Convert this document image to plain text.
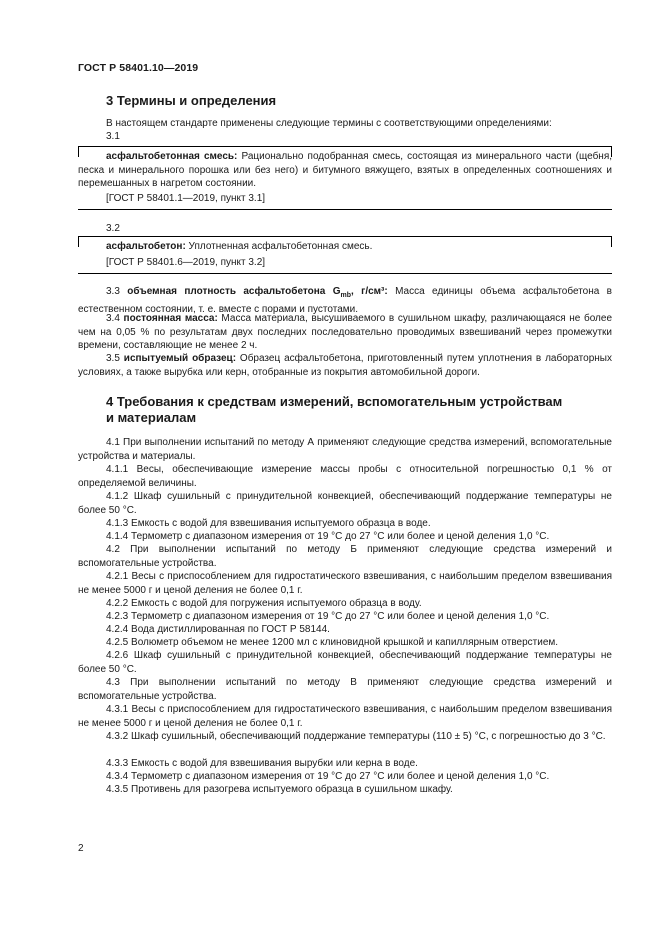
ГОСТ Р 58401.10—2019
3 Термины и определения
В настоящем стандарте применены следующие термины с соответствующими определениями:
3.1
асфальтобетонная смесь: Рационально подобранная смесь, состоящая из минерального части (щебня, песка и минерального порошка или без него) и битумного вяжущего, взятых в определенных соотношениях и перемешанных в нагретом состоянии.
[ГОСТ Р 58401.1—2019, пункт 3.1]
3.2
асфальтобетон: Уплотненная асфальтобетонная смесь.
[ГОСТ Р 58401.6—2019, пункт 3.2]
3.3 объемная плотность асфальтобетона $G_{mb}$, г/см³: Масса единицы объема асфальтобетона в естественном состоянии, т. е. вместе с порами и пустотами.
3.4 постоянная масса: Масса материала, высушиваемого в сушильном шкафу, различающаяся не более чем на 0,05 % по результатам двух последних последовательно проводимых взвешиваний через промежутки времени, составляющие не менее 2 ч.
3.5 испытуемый образец: Образец асфальтобетона, приготовленный путем уплотнения в лабораторных условиях, а также вырубка или керн, отобранные из покрытия автомобильной дороги.
4 Требования к средствам измерений, вспомогательным устройствам
и материалам
4.1 При выполнении испытаний по методу А применяют следующие средства измерений, вспомогательные устройства и материалы.
4.1.1 Весы, обеспечивающие измерение массы пробы с относительной погрешностью 0,1 % от определяемой величины.
4.1.2 Шкаф сушильный с принудительной конвекцией, обеспечивающий поддержание температуры не более 50 °С.
4.1.3 Емкость с водой для взвешивания испытуемого образца в воде.
4.1.4 Термометр с диапазоном измерения от 19 °С до 27 °С или более и ценой деления 1,0 °С.
4.2 При выполнении испытаний по методу Б применяют следующие средства измерений и вспомогательные устройства.
4.2.1 Весы с приспособлением для гидростатического взвешивания, с наибольшим пределом взвешивания не менее 5000 г и ценой деления не более 0,1 г.
4.2.2 Емкость с водой для погружения испытуемого образца в воду.
4.2.3 Термометр с диапазоном измерения от 19 °С до 27 °С или более и ценой деления 1,0 °С.
4.2.4 Вода дистиллированная по ГОСТ Р 58144.
4.2.5 Волюметр объемом не менее 1200 мл с клиновидной крышкой и капиллярным отверстием.
4.2.6 Шкаф сушильный с принудительной конвекцией, обеспечивающий поддержание температуры не более 50 °С.
4.3 При выполнении испытаний по методу В применяют следующие средства измерений и вспомогательные устройства.
4.3.1 Весы с приспособлением для гидростатического взвешивания, с наибольшим пределом взвешивания не менее 5000 г и ценой деления не более 0,1 г.
4.3.2 Шкаф сушильный, обеспечивающий поддержание температуры (110 ± 5) °С, с погрешностью до 3 °С.
4.3.3 Емкость с водой для взвешивания вырубки или керна в воде.
4.3.4 Термометр с диапазоном измерения от 19 °С до 27 °С или более и ценой деления 1,0 °С.
4.3.5 Противень для разогрева испытуемого образца в сушильном шкафу.
2
